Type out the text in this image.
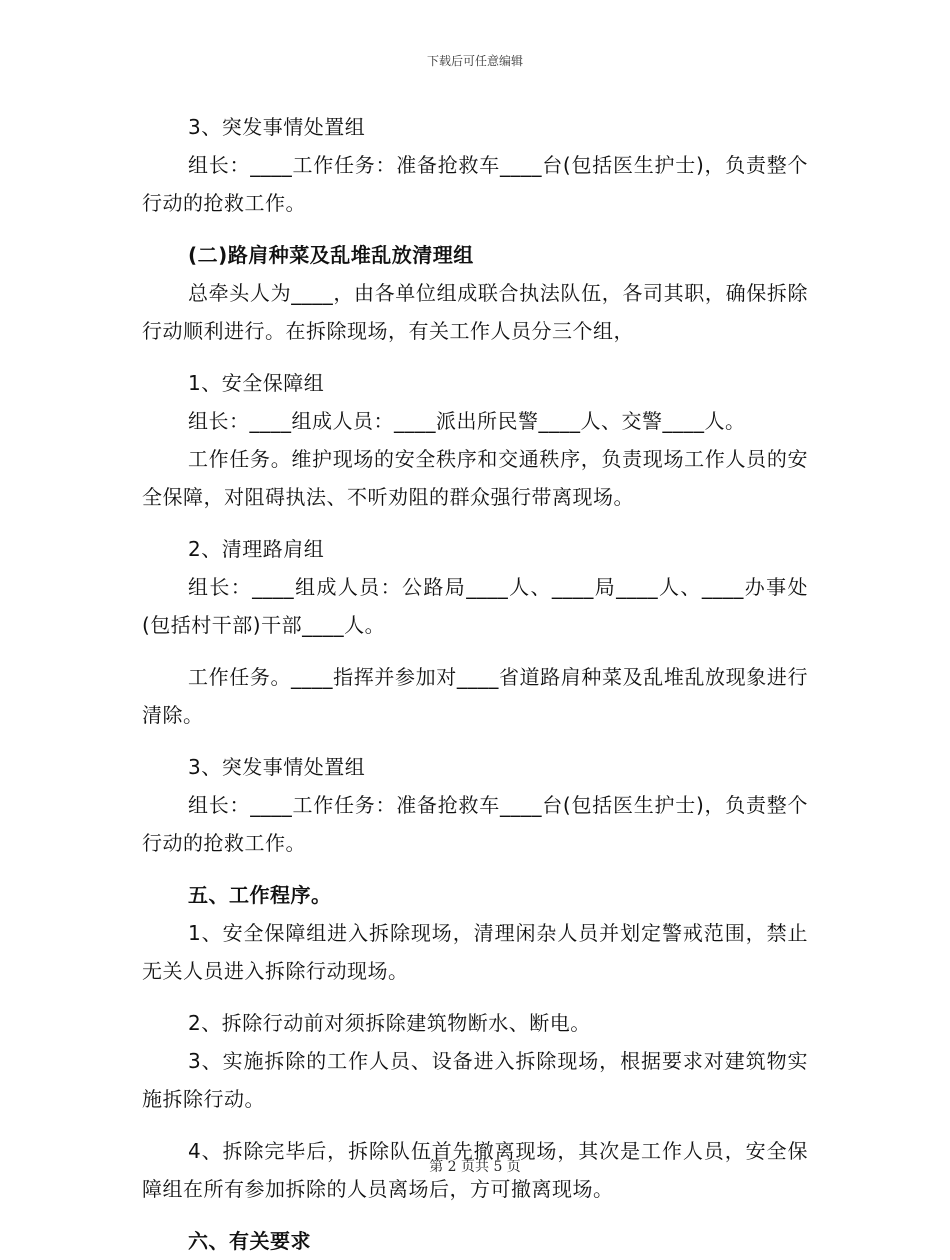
下载后可任意编辑

3、突发事情处置组

组长：____工作任务：准备抢救车____台(包括医生护士)，负责整个行动的抢救工作。

(二)路肩种菜及乱堆乱放清理组

总牵头人为____，由各单位组成联合执法队伍，各司其职，确保拆除行动顺利进行。在拆除现场，有关工作人员分三个组，

1、安全保障组

组长：____组成人员：____派出所民警____人、交警____人。

工作任务。维护现场的安全秩序和交通秩序，负责现场工作人员的安全保障，对阻碍执法、不听劝阻的群众强行带离现场。

2、清理路肩组

组长：____组成人员：公路局____人、____局____人、____办事处(包括村干部)干部____人。

工作任务。____指挥并参加对____省道路肩种菜及乱堆乱放现象进行清除。

3、突发事情处置组

组长：____工作任务：准备抢救车____台(包括医生护士)，负责整个行动的抢救工作。

五、工作程序。

1、安全保障组进入拆除现场，清理闲杂人员并划定警戒范围，禁止无关人员进入拆除行动现场。

2、拆除行动前对须拆除建筑物断水、断电。

3、实施拆除的工作人员、设备进入拆除现场，根据要求对建筑物实施拆除行动。

4、拆除完毕后，拆除队伍首先撤离现场，其次是工作人员，安全保障组在所有参加拆除的人员离场后，方可撤离现场。

六、有关要求

第 2 页共 5 页
